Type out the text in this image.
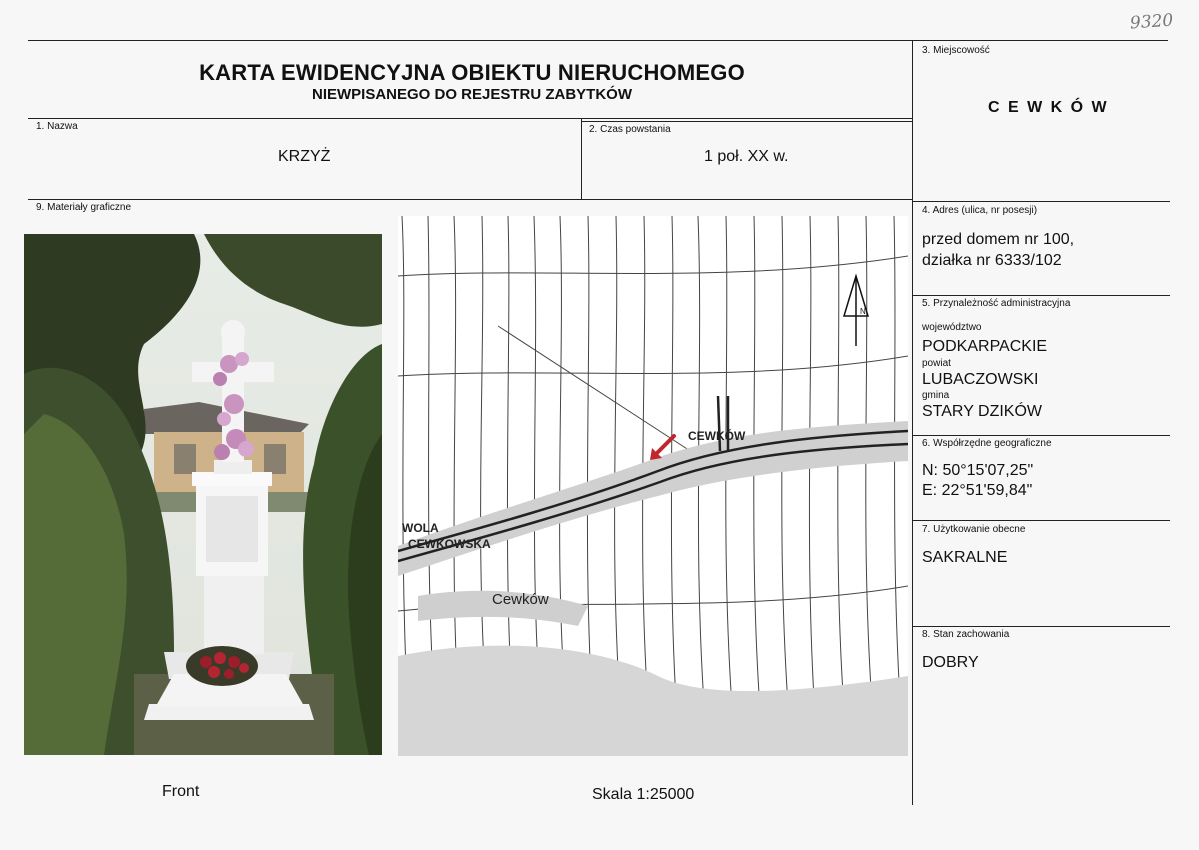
9320
KARTA EWIDENCYJNA OBIEKTU NIERUCHOMEGO
NIEWPISANEGO DO REJESTRU ZABYTKÓW
1. Nazwa
KRZYŻ
2. Czas powstania
1 poł. XX w.
3. Miejscowość
C E W K Ó W
4. Adres (ulica, nr posesji)
przed domem nr 100,
działka nr 6333/102
5. Przynależność administracyjna
województwo
PODKARPACKIE
powiat
LUBACZOWSKI
gmina
STARY DZIKÓW
6. Współrzędne geograficzne
N: 50°15'07,25"
E: 22°51'59,84"
7. Użytkowanie obecne
SAKRALNE
8. Stan zachowania
DOBRY
9. Materiały graficzne
CEWKÓW
WOLA
CEWKOWSKA
Cewków
N
Front	Skala 1:25000
